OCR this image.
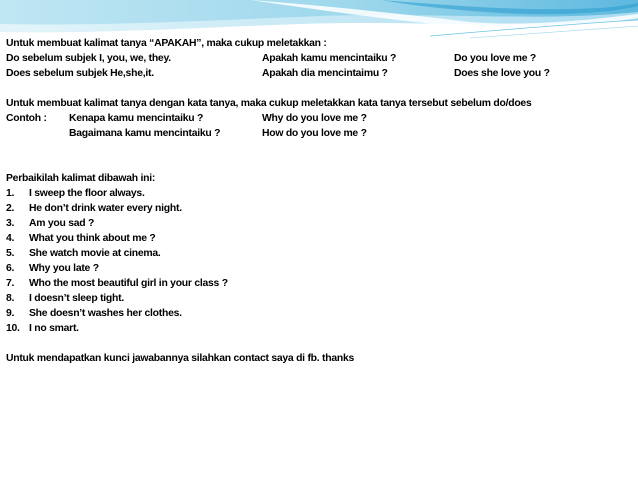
Untuk membuat kalimat tanya “APAKAH”, maka cukup meletakkan :
Do sebelum subjek I, you, we, they.	Apakah kamu mencintaiku ?	Do you love me ?
Does sebelum subjek He,she,it.	Apakah dia mencintaimu ?	Does she love you ?
Untuk membuat kalimat tanya dengan kata tanya, maka cukup meletakkan kata tanya tersebut sebelum do/does
Contoh : Kenapa kamu mencintaiku ?	Why do you love me ?
Bagaimana kamu mencintaiku ?	How do you love me ?
Perbaikilah kalimat dibawah ini:
1. I sweep the floor always.
2. He don’t drink water every night.
3. Am you sad ?
4. What you think about me ?
5. She watch movie at cinema.
6. Why you late ?
7. Who the most beautiful girl in your class ?
8. I doesn’t sleep tight.
9. She doesn’t washes her clothes.
10. I no smart.
Untuk mendapatkan kunci jawabannya silahkan contact saya di fb. thanks
